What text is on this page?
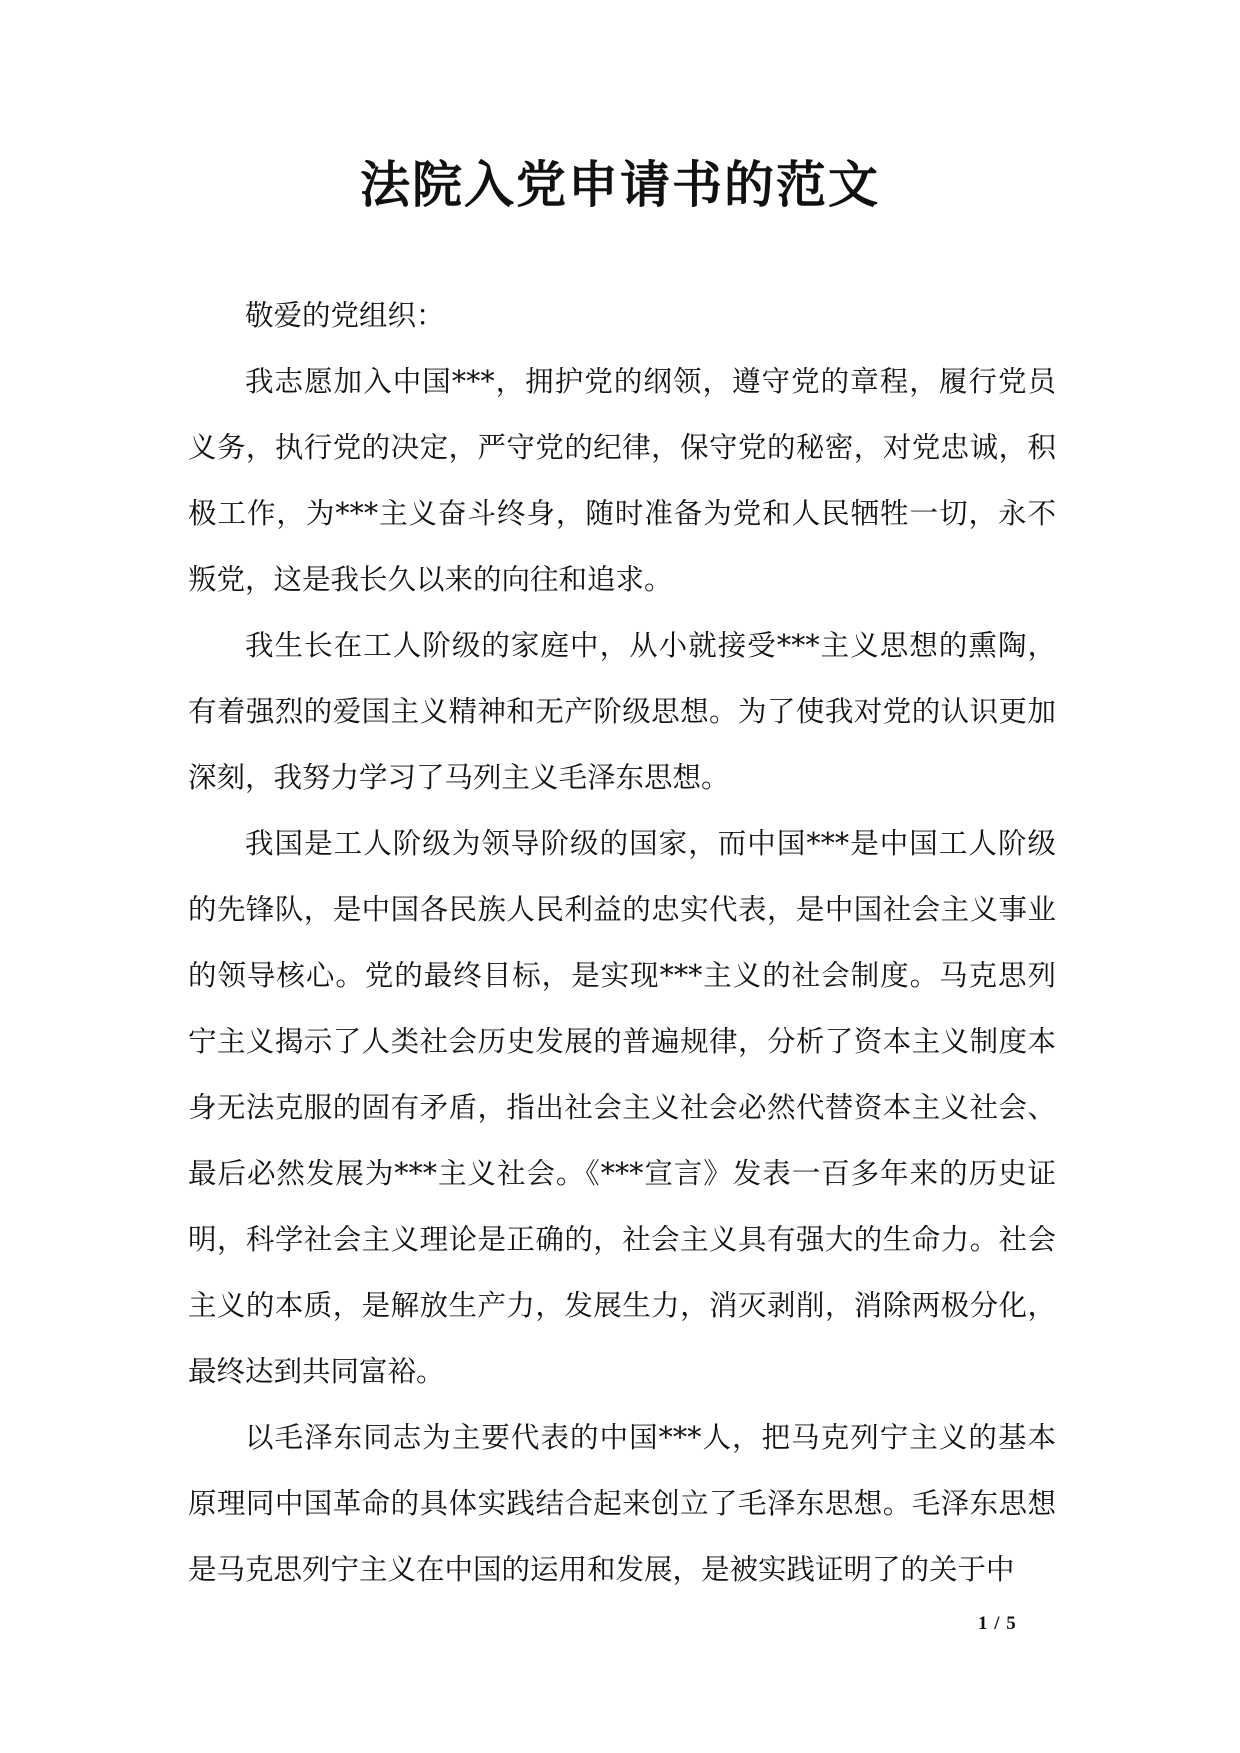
法院入党申请书的范文

敬爱的党组织：

我志愿加入中国***，拥护党的纲领，遵守党的章程，履行党员义务，执行党的决定，严守党的纪律，保守党的秘密，对党忠诚，积极工作，为***主义奋斗终身，随时准备为党和人民牺牲一切，永不叛党，这是我长久以来的向往和追求。

我生长在工人阶级的家庭中，从小就接受***主义思想的熏陶，有着强烈的爱国主义精神和无产阶级思想。为了使我对党的认识更加深刻，我努力学习了马列主义毛泽东思想。

我国是工人阶级为领导阶级的国家，而中国***是中国工人阶级的先锋队，是中国各民族人民利益的忠实代表，是中国社会主义事业的领导核心。党的最终目标，是实现***主义的社会制度。马克思列宁主义揭示了人类社会历史发展的普遍规律，分析了资本主义制度本身无法克服的固有矛盾，指出社会主义社会必然代替资本主义社会、最后必然发展为***主义社会。《***宣言》发表一百多年来的历史证明，科学社会主义理论是正确的，社会主义具有强大的生命力。社会主义的本质，是解放生产力，发展生力，消灭剥削，消除两极分化，最终达到共同富裕。

以毛泽东同志为主要代表的中国***人，把马克列宁主义的基本原理同中国革命的具体实践结合起来创立了毛泽东思想。毛泽东思想是马克思列宁主义在中国的运用和发展，是被实践证明了的关于中

1 / 5
